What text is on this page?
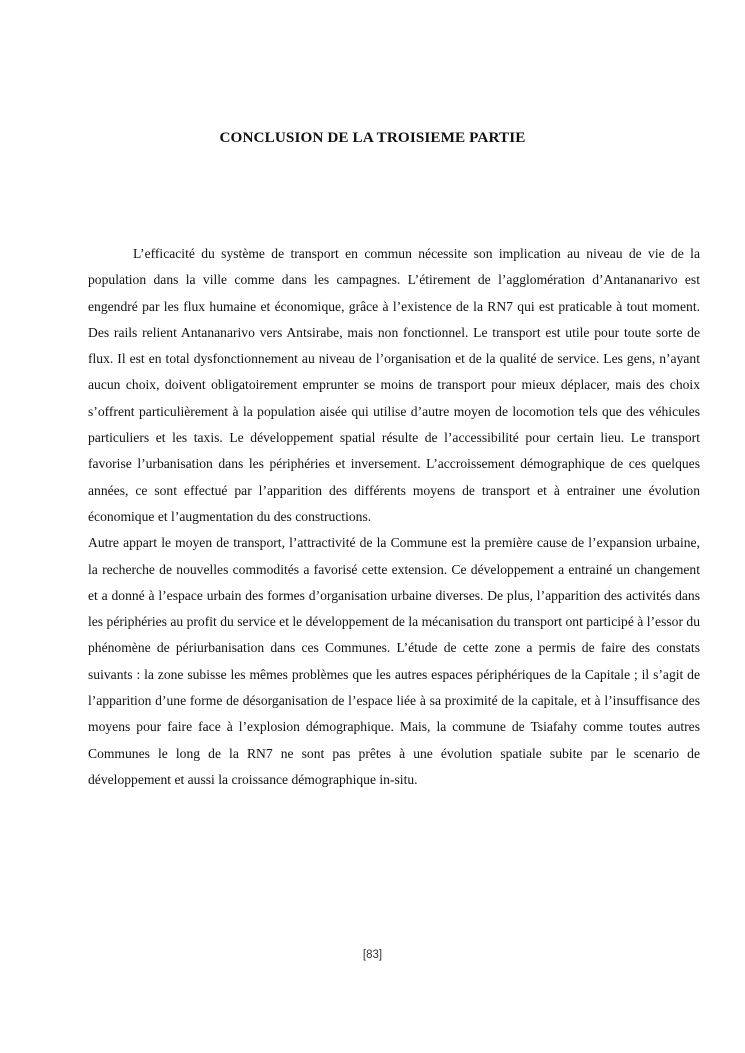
CONCLUSION DE LA TROISIEME PARTIE

L’efficacité du système de transport en commun nécessite son implication au niveau de vie de la population dans la ville comme dans les campagnes. L’étirement de l’agglomération d’Antananarivo est engendré par les flux humaine et économique, grâce à l’existence de la RN7 qui est praticable à tout moment. Des rails relient Antananarivo vers Antsirabe, mais non fonctionnel. Le transport est utile pour toute sorte de flux. Il est en total dysfonctionnement au niveau de l’organisation et de la qualité de service. Les gens, n’ayant aucun choix, doivent obligatoirement emprunter se moins de transport pour mieux déplacer, mais des choix s’offrent particulièrement à la population aisée qui utilise d’autre moyen de locomotion tels que des véhicules particuliers et les taxis. Le développement spatial résulte de l’accessibilité pour certain lieu. Le transport favorise l’urbanisation dans les périphéries et inversement. L’accroissement démographique de ces quelques années, ce sont effectué par l’apparition des différents moyens de transport et à entrainer une évolution économique et l’augmentation du des constructions.

Autre appart le moyen de transport, l’attractivité de la Commune est la première cause de l’expansion urbaine, la recherche de nouvelles commodités a favorisé cette extension. Ce développement a entrainé un changement et a donné à l’espace urbain des formes d’organisation urbaine diverses. De plus, l’apparition des activités dans les périphéries au profit du service et le développement de la mécanisation du transport ont participé à l’essor du phénomène de périurbanisation dans ces Communes. L’étude de cette zone a permis de faire des constats suivants : la zone subisse les mêmes problèmes que les autres espaces périphériques de la Capitale ; il s’agit de l’apparition d’une forme de désorganisation de l’espace liée à sa proximité de la capitale, et à l’insuffisance des moyens pour faire face à l’explosion démographique. Mais, la commune de Tsiafahy comme toutes autres Communes le long de la RN7 ne sont pas prêtes à une évolution spatiale subite par le scenario de développement et aussi la croissance démographique in-situ.

[83]
